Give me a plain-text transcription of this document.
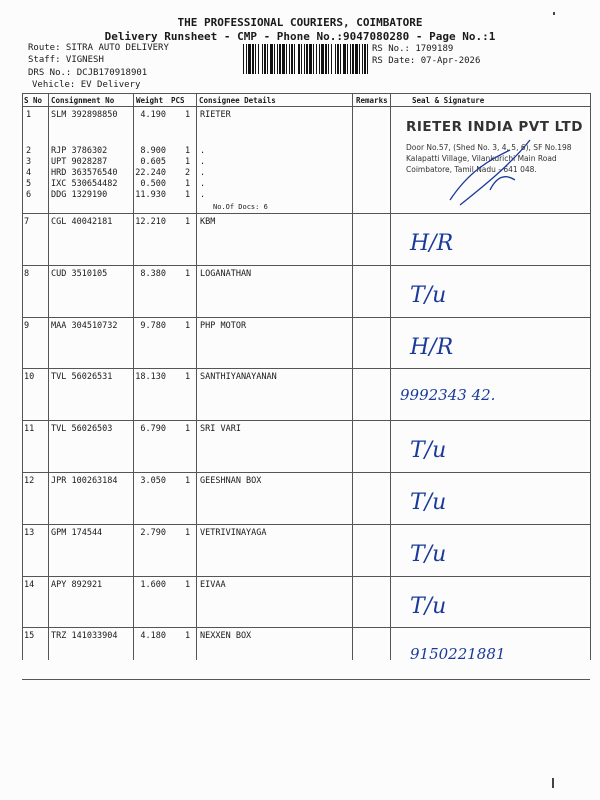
THE PROFESSIONAL COURIERS, COIMBATORE
Delivery Runsheet - CMP - Phone No.:9047080280 - Page No.:1
Route: SITRA AUTO DELIVERY
Staff: VIGNESH
DRS No.: DCJB170918901
Vehicle: EV Delivery
RS No.: 1709189
RS Date: 07-Apr-2026
S No Consignment No	Weight PCS Consignee Details	Remarks	Seal & Signature
1 SLM 392898850	4.190 1 RIETER
2 RJP 3786302	8.900 1 .
3 UPT 9028287	0.605 1 .
4 HRD 363576540	22.240 2 .
5 IXC 530654482	0.500 1 .
6 DDG 1329190	11.930 1 .
No.Of Docs: 6
RIETER INDIA PVT LTD
Door No.57, (Shed No. 3, 4, 5, 6), SF No.198
Kalapatti Village, Vilankurichi Main Road
Coimbatore, Tamil Nadu - 641 048.
7	CGL 40042181	12.210 1 KBM
H/R
8	CUD 3510105	8.380 1 LOGANATHAN
T/u
9	MAA 304510732	9.780 1 PHP MOTOR
H/R
10 TVL 56026531	18.130 1 SANTHIYANAYANAN
9992343 42.
11 TVL 56026503	6.790 1 SRI VARI
T/u
12 JPR 100263184	3.050 1 GEESHNAN BOX
T/u
13 GPM 174544	2.790 1 VETRIVINAYAGA
T/u
14 APY 892921	1.600 1 EIVAA
T/u
15 TRZ 141033904	4.180 1 NEXXEN BOX
9150221881
